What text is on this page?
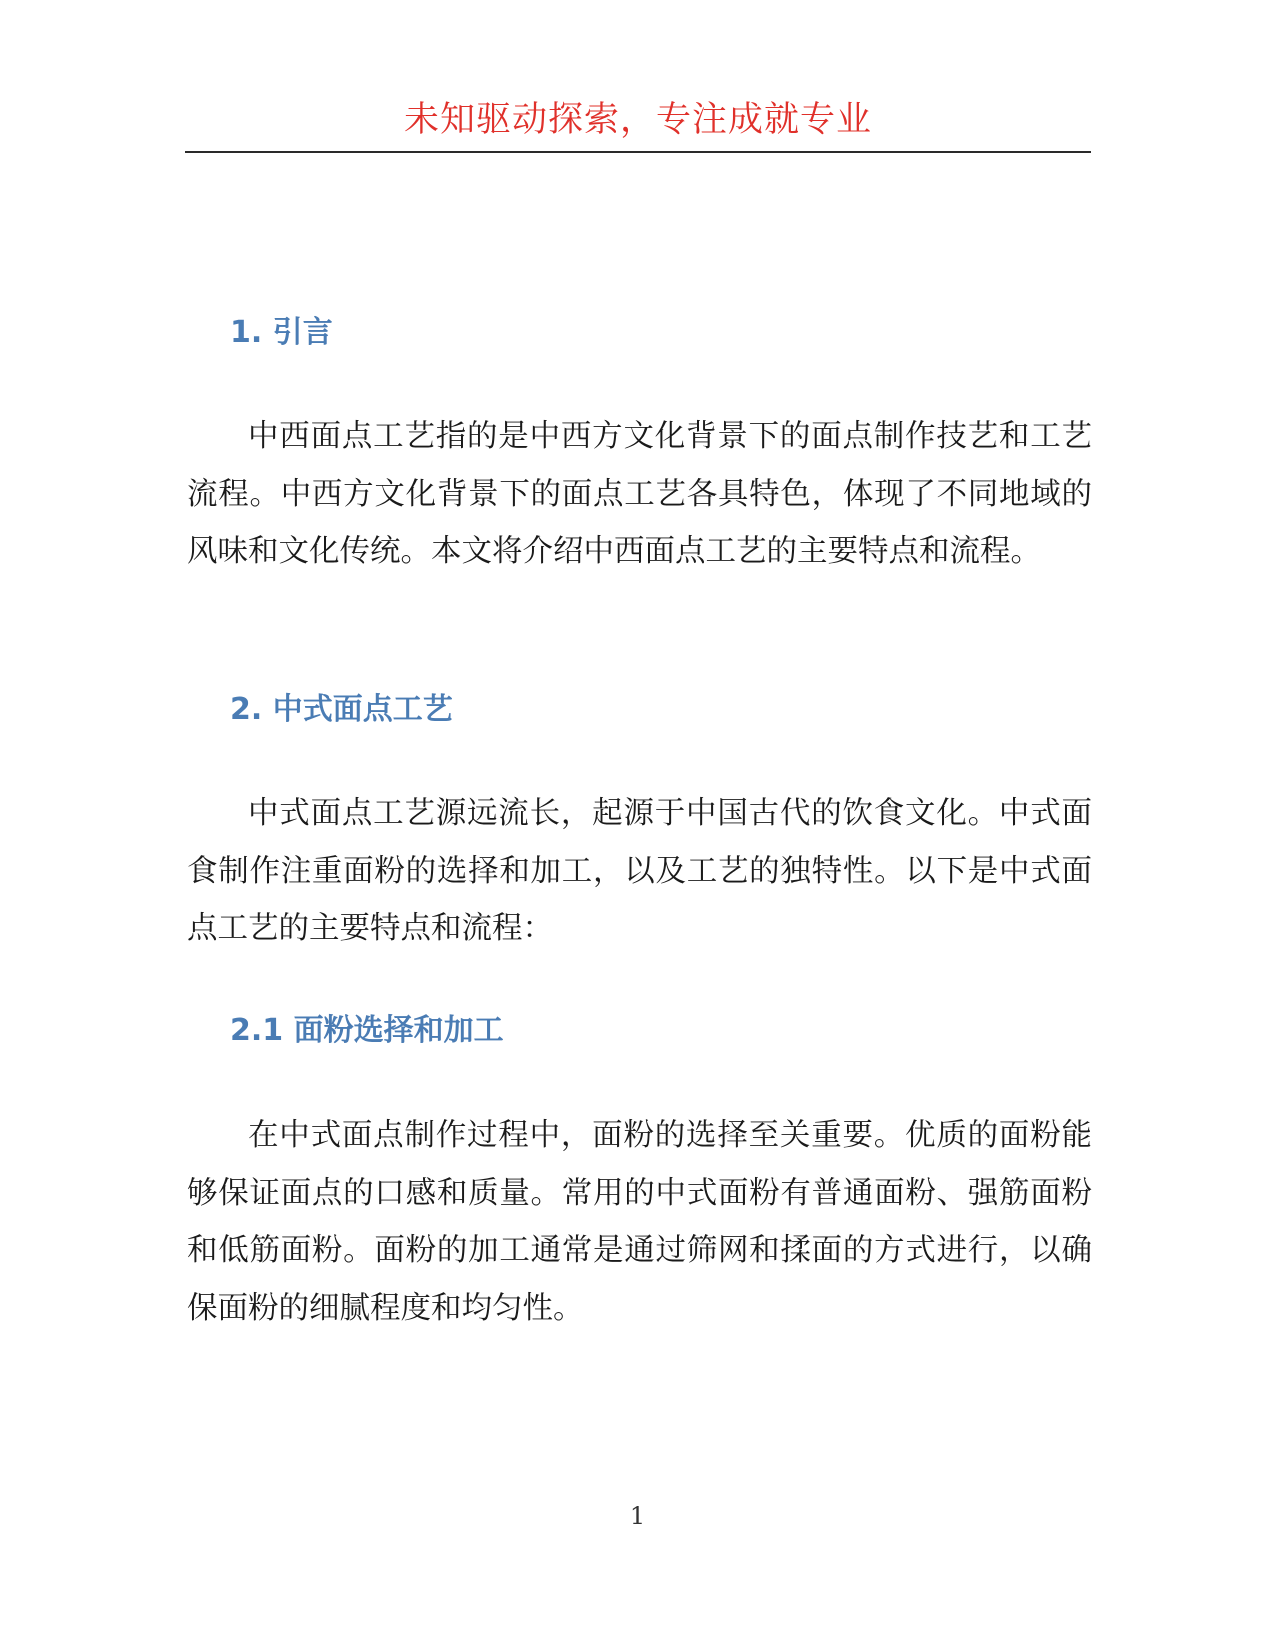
未知驱动探索，专注成就专业
1. 引言

中西面点工艺指的是中西方文化背景下的面点制作技艺和工艺流程。中西方文化背景下的面点工艺各具特色，体现了不同地域的风味和文化传统。本文将介绍中西面点工艺的主要特点和流程。

2. 中式面点工艺

中式面点工艺源远流长，起源于中国古代的饮食文化。中式面食制作注重面粉的选择和加工，以及工艺的独特性。以下是中式面点工艺的主要特点和流程：

2.1 面粉选择和加工

在中式面点制作过程中，面粉的选择至关重要。优质的面粉能够保证面点的口感和质量。常用的中式面粉有普通面粉、强筋面粉和低筋面粉。面粉的加工通常是通过筛网和揉面的方式进行，以确保面粉的细腻程度和均匀性。

1
